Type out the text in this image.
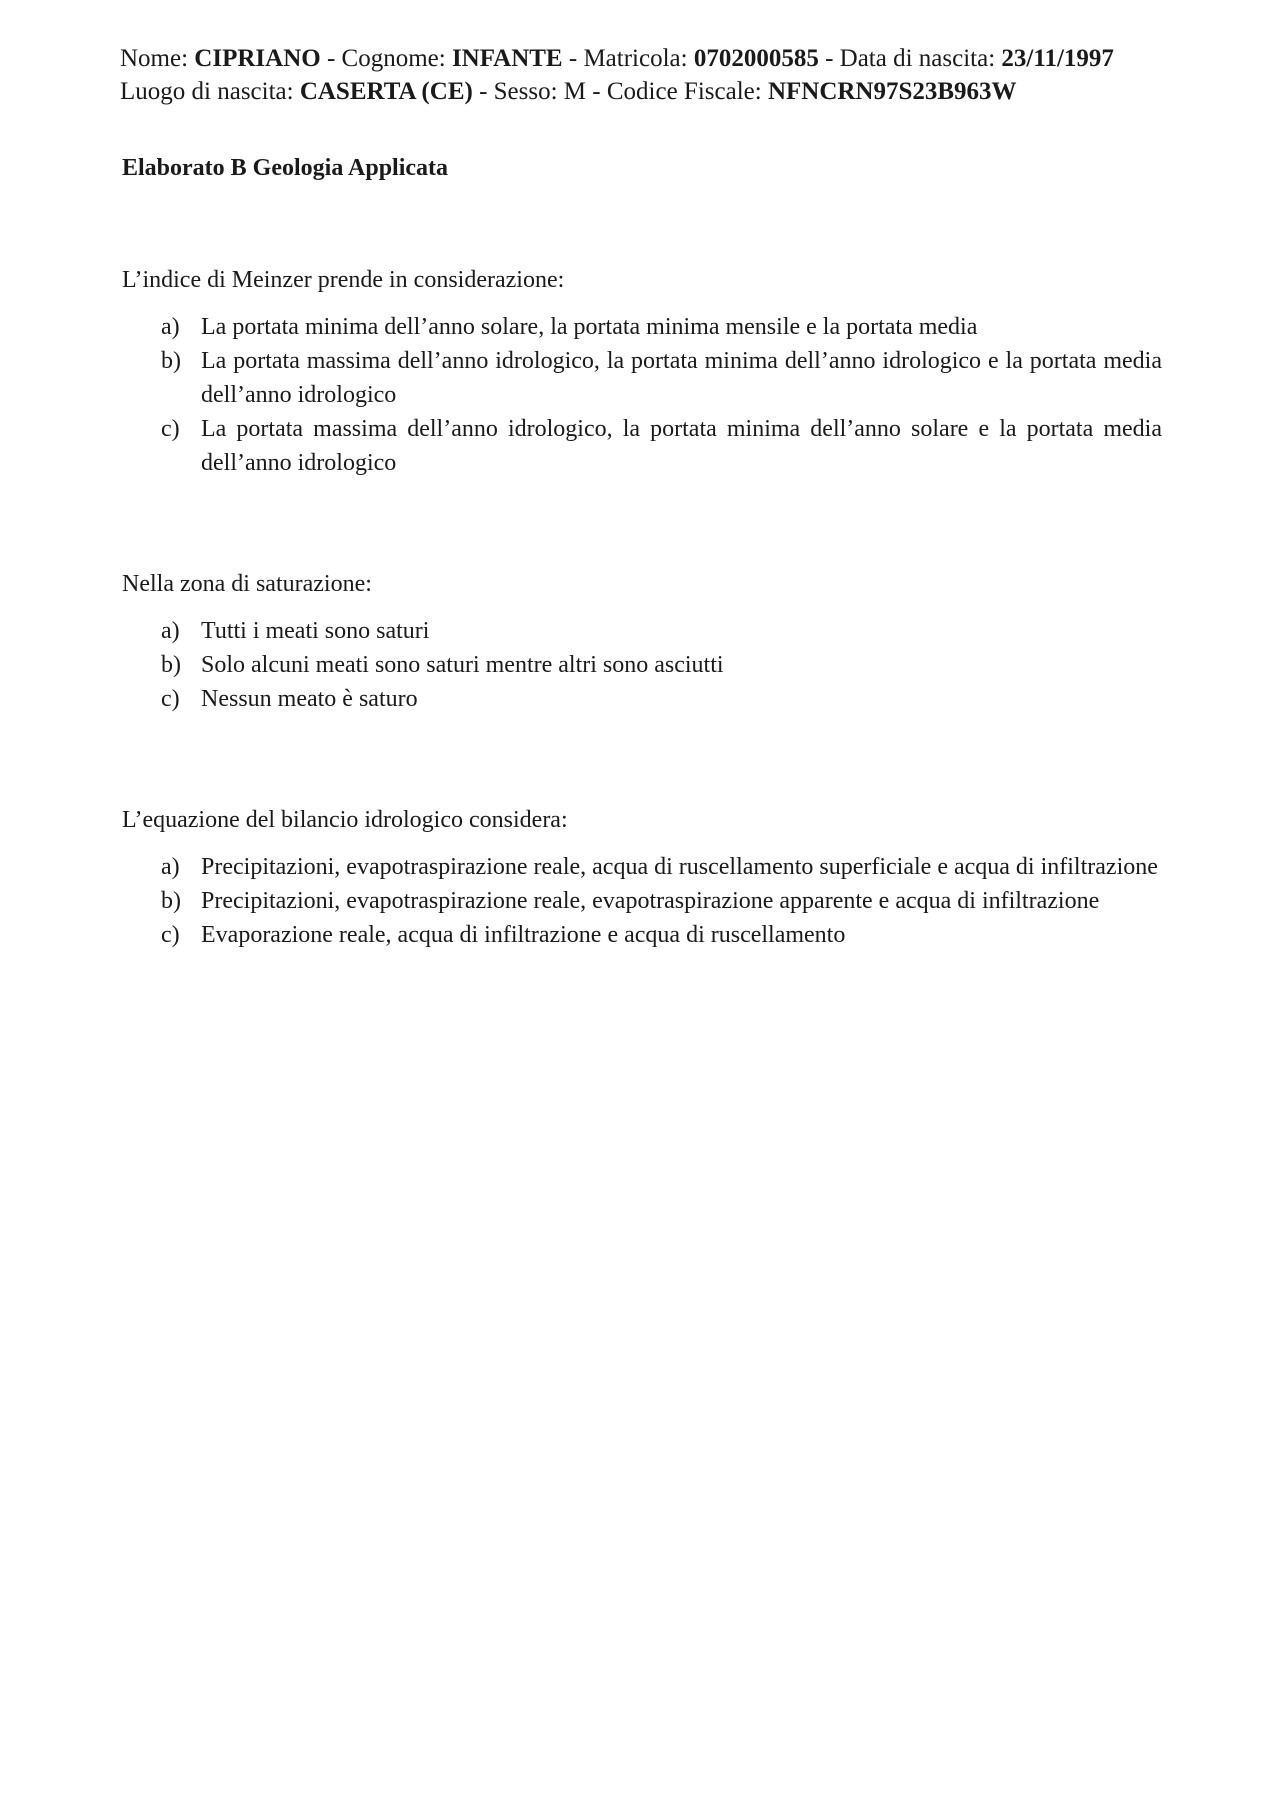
Nome: CIPRIANO - Cognome: INFANTE - Matricola: 0702000585 - Data di nascita: 23/11/1997
Luogo di nascita: CASERTA (CE) - Sesso: M - Codice Fiscale: NFNCRN97S23B963W
Elaborato B Geologia Applicata
L’indice di Meinzer prende in considerazione:
a) La portata minima dell’anno solare, la portata minima mensile e la portata media
b) La portata massima dell’anno idrologico, la portata minima dell’anno idrologico e la portata media dell’anno idrologico
c) La portata massima dell’anno idrologico, la portata minima dell’anno solare e la portata media dell’anno idrologico
Nella zona di saturazione:
a) Tutti i meati sono saturi
b) Solo alcuni meati sono saturi mentre altri sono asciutti
c) Nessun meato è saturo
L’equazione del bilancio idrologico considera:
a) Precipitazioni, evapotraspirazione reale, acqua di ruscellamento superficiale e acqua di infiltrazione
b) Precipitazioni, evapotraspirazione reale, evapotraspirazione apparente e acqua di infiltrazione
c) Evaporazione reale, acqua di infiltrazione e acqua di ruscellamento
